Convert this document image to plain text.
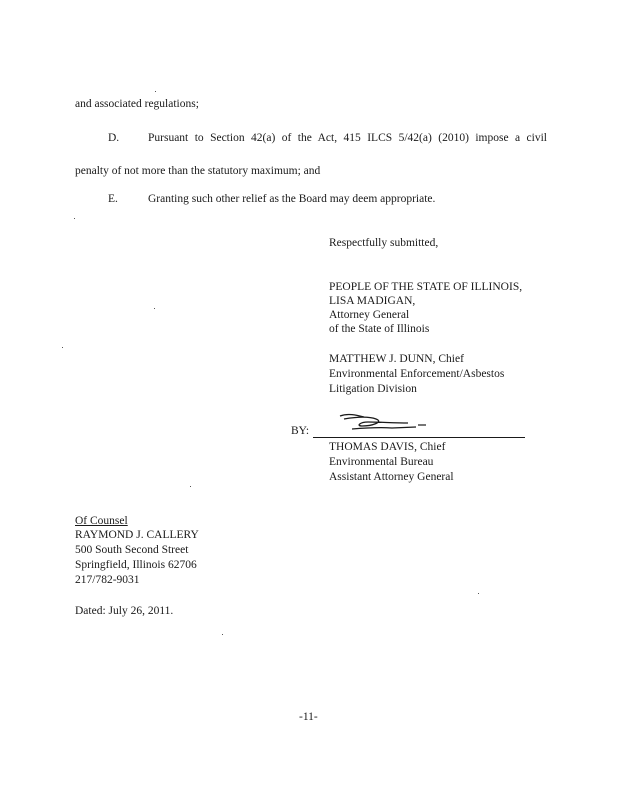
and associated regulations;
D.	Pursuant to Section 42(a) of the Act, 415 ILCS 5/42(a) (2010) impose a civil
penalty of not more than the statutory maximum; and
E.	Granting such other relief as the Board may deem appropriate.
Respectfully submitted,
PEOPLE OF THE STATE OF ILLINOIS,
LISA MADIGAN,
Attorney General
of the State of Illinois
MATTHEW J. DUNN, Chief
Environmental Enforcement/Asbestos
Litigation Division
BY:
THOMAS DAVIS, Chief
Environmental Bureau
Assistant Attorney General
Of Counsel
RAYMOND J. CALLERY
500 South Second Street
Springfield, Illinois 62706
217/782-9031
Dated: July 26, 2011.
-11-
